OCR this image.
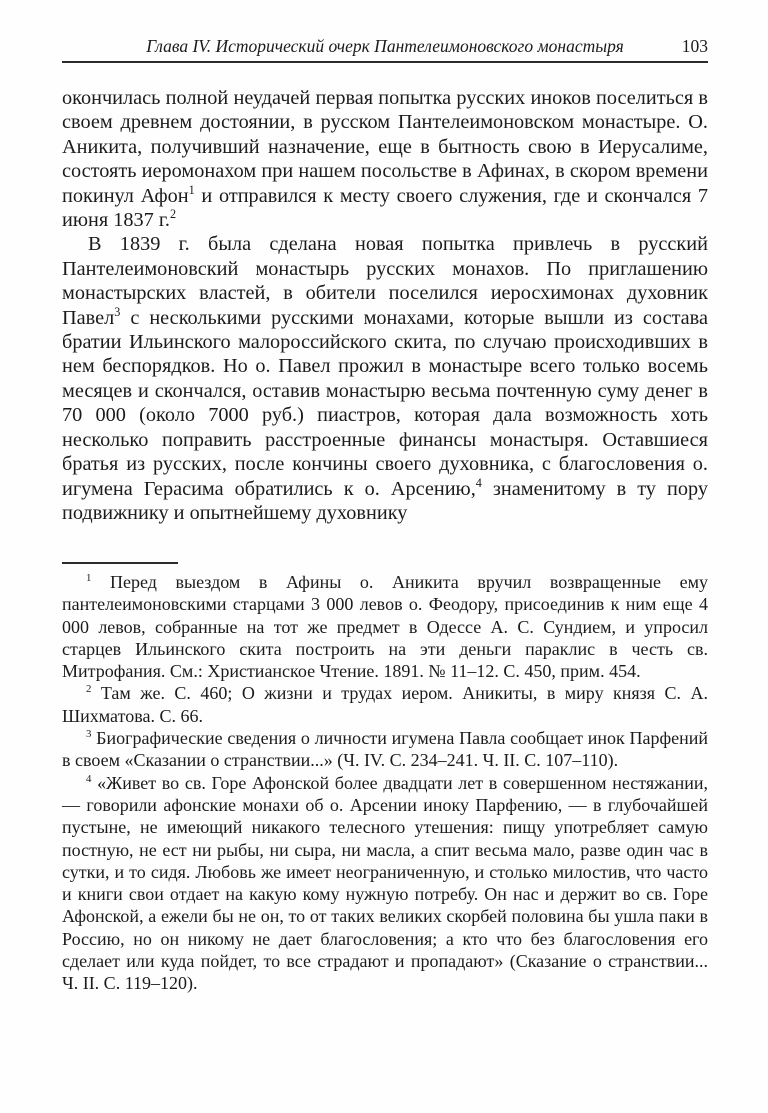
Глава IV. Исторический очерк Пантелеимоновского монастыря	103

окончилась полной неудачей первая попытка русских иноков поселиться в своем древнем достоянии, в русском Пантелеимоновском монастыре. О. Аникита, получивший назначение, еще в бытность свою в Иерусалиме, состоять иеромонахом при нашем посольстве в Афинах, в скором времени покинул Афон$^1$ и отправился к месту своего служения, где и скончался 7 июня 1837 г.$^2$

В 1839 г. была сделана новая попытка привлечь в русский Пантелеимоновский монастырь русских монахов. По приглашению монастырских властей, в обители поселился иеросхимонах духовник Павел$^3$ с несколькими русскими монахами, которые вышли из состава братии Ильинского малороссийского скита, по случаю происходивших в нем беспорядков. Но о. Павел прожил в монастыре всего только восемь месяцев и скончался, оставив монастырю весьма почтенную суму денег в 70 000 (около 7000 руб.) пиастров, которая дала возможность хоть несколько поправить расстроенные финансы монастыря. Оставшиеся братья из русских, после кончины своего духовника, с благословения о. игумена Герасима обратились к о. Арсению,$^4$ знаменитому в ту пору подвижнику и опытнейшему духовнику

$^1$ Перед выездом в Афины о. Аникита вручил возвращенные ему пантелеимоновскими старцами 3 000 левов о. Феодору, присоединив к ним еще 4 000 левов, собранные на тот же предмет в Одессе А. С. Сундием, и упросил старцев Ильинского скита построить на эти деньги параклис в честь св. Митрофания. См.: Христианское Чтение. 1891. № 11–12. С. 450, прим. 454.

$^2$ Там же. С. 460; О жизни и трудах иером. Аникиты, в миру князя С. А. Шихматова. С. 66.

$^3$ Биографические сведения о личности игумена Павла сообщает инок Парфений в своем «Сказании о странствии...» (Ч. IV. С. 234–241. Ч. II. С. 107–110).

$^4$ «Живет во св. Горе Афонской более двадцати лет в совершенном нестяжании, — говорили афонские монахи об о. Арсении иноку Парфению, — в глубочайшей пустыне, не имеющий никакого телесного утешения: пищу употребляет самую постную, не ест ни рыбы, ни сыра, ни масла, а спит весьма мало, разве один час в сутки, и то сидя. Любовь же имеет неограниченную, и столько милостив, что часто и книги свои отдает на какую кому нужную потребу. Он нас и держит во св. Горе Афонской, а ежели бы не он, то от таких великих скорбей половина бы ушла паки в Россию, но он никому не дает благословения; а кто что без благословения его сделает или куда пойдет, то все страдают и пропадают» (Сказание о странствии... Ч. II. С. 119–120).
